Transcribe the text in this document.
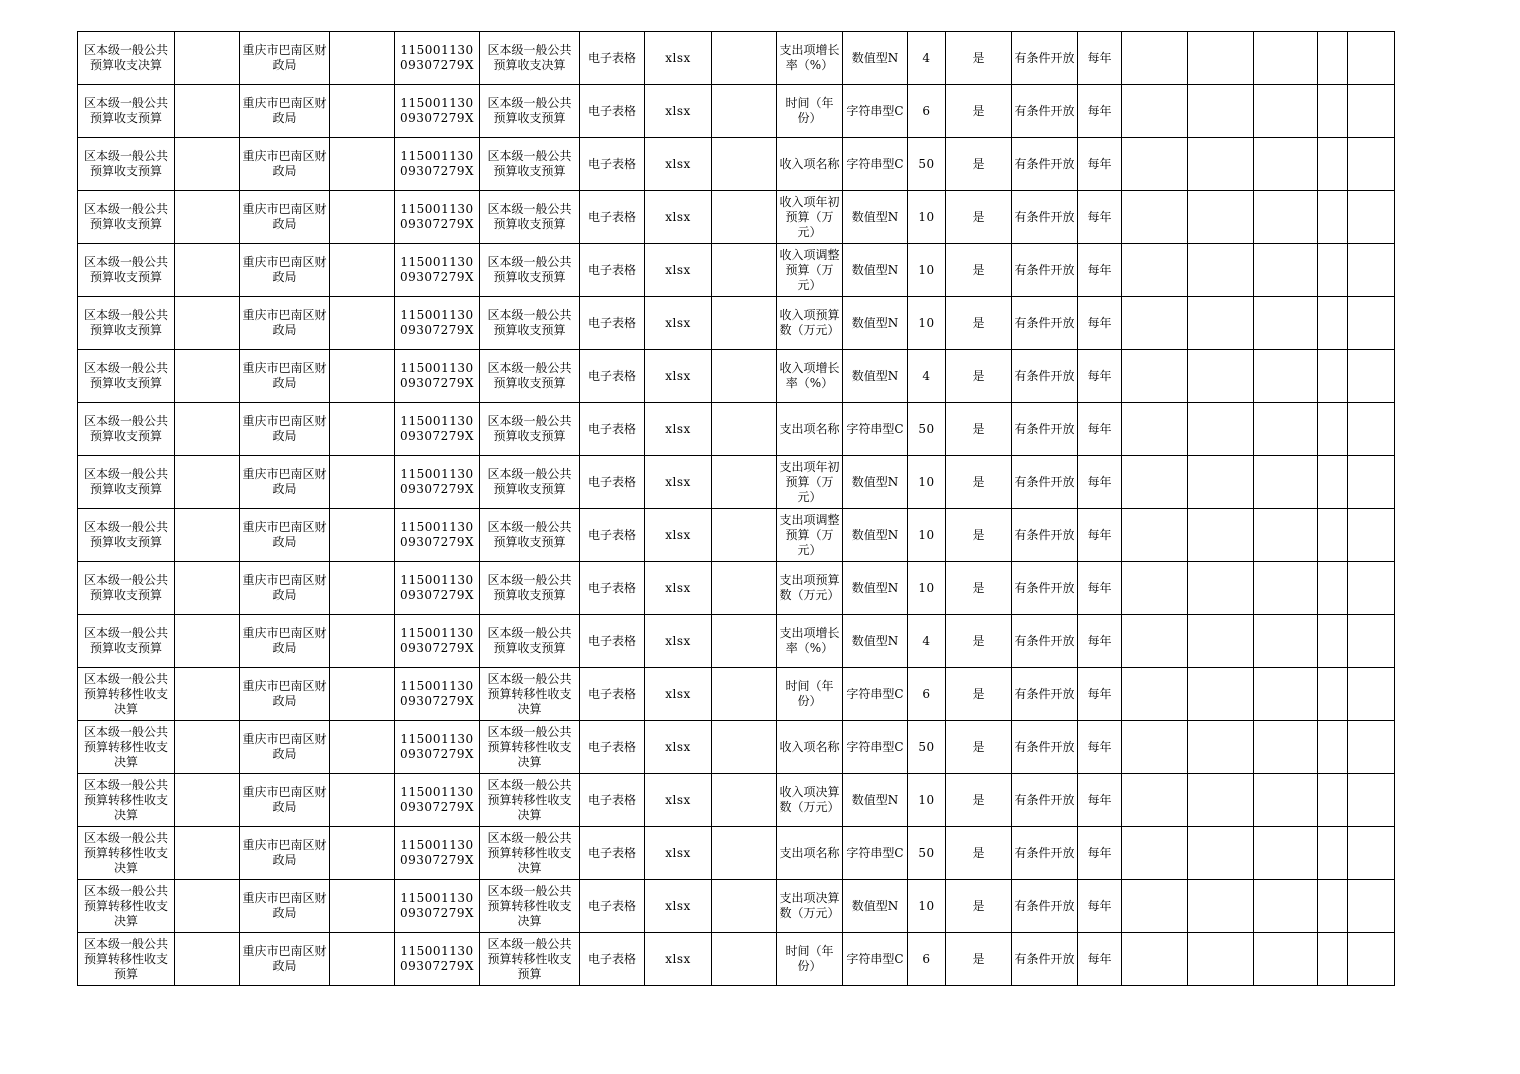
区本级一般公共预算收支决算		重庆市巴南区财政局		11500113009307279X	区本级一般公共预算收支决算	电子表格	xlsx		支出项增长率（%）	数值型N	4	是	有条件开放	每年					
区本级一般公共预算收支预算		重庆市巴南区财政局		11500113009307279X	区本级一般公共预算收支预算	电子表格	xlsx		时间（年份）	字符串型C	6	是	有条件开放	每年					
区本级一般公共预算收支预算		重庆市巴南区财政局		11500113009307279X	区本级一般公共预算收支预算	电子表格	xlsx		收入项名称	字符串型C	50	是	有条件开放	每年					
区本级一般公共预算收支预算		重庆市巴南区财政局		11500113009307279X	区本级一般公共预算收支预算	电子表格	xlsx		收入项年初预算（万元）	数值型N	10	是	有条件开放	每年					
区本级一般公共预算收支预算		重庆市巴南区财政局		11500113009307279X	区本级一般公共预算收支预算	电子表格	xlsx		收入项调整预算（万元）	数值型N	10	是	有条件开放	每年					
区本级一般公共预算收支预算		重庆市巴南区财政局		11500113009307279X	区本级一般公共预算收支预算	电子表格	xlsx		收入项预算数（万元）	数值型N	10	是	有条件开放	每年					
区本级一般公共预算收支预算		重庆市巴南区财政局		11500113009307279X	区本级一般公共预算收支预算	电子表格	xlsx		收入项增长率（%）	数值型N	4	是	有条件开放	每年					
区本级一般公共预算收支预算		重庆市巴南区财政局		11500113009307279X	区本级一般公共预算收支预算	电子表格	xlsx		支出项名称	字符串型C	50	是	有条件开放	每年					
区本级一般公共预算收支预算		重庆市巴南区财政局		11500113009307279X	区本级一般公共预算收支预算	电子表格	xlsx		支出项年初预算（万元）	数值型N	10	是	有条件开放	每年					
区本级一般公共预算收支预算		重庆市巴南区财政局		11500113009307279X	区本级一般公共预算收支预算	电子表格	xlsx		支出项调整预算（万元）	数值型N	10	是	有条件开放	每年					
区本级一般公共预算收支预算		重庆市巴南区财政局		11500113009307279X	区本级一般公共预算收支预算	电子表格	xlsx		支出项预算数（万元）	数值型N	10	是	有条件开放	每年					
区本级一般公共预算收支预算		重庆市巴南区财政局		11500113009307279X	区本级一般公共预算收支预算	电子表格	xlsx		支出项增长率（%）	数值型N	4	是	有条件开放	每年					
区本级一般公共预算转移性收支决算		重庆市巴南区财政局		11500113009307279X	区本级一般公共预算转移性收支决算	电子表格	xlsx		时间（年份）	字符串型C	6	是	有条件开放	每年					
区本级一般公共预算转移性收支决算		重庆市巴南区财政局		11500113009307279X	区本级一般公共预算转移性收支决算	电子表格	xlsx		收入项名称	字符串型C	50	是	有条件开放	每年					
区本级一般公共预算转移性收支决算		重庆市巴南区财政局		11500113009307279X	区本级一般公共预算转移性收支决算	电子表格	xlsx		收入项决算数（万元）	数值型N	10	是	有条件开放	每年					
区本级一般公共预算转移性收支决算		重庆市巴南区财政局		11500113009307279X	区本级一般公共预算转移性收支决算	电子表格	xlsx		支出项名称	字符串型C	50	是	有条件开放	每年					
区本级一般公共预算转移性收支决算		重庆市巴南区财政局		11500113009307279X	区本级一般公共预算转移性收支决算	电子表格	xlsx		支出项决算数（万元）	数值型N	10	是	有条件开放	每年					
区本级一般公共预算转移性收支预算		重庆市巴南区财政局		11500113009307279X	区本级一般公共预算转移性收支预算	电子表格	xlsx		时间（年份）	字符串型C	6	是	有条件开放	每年					
